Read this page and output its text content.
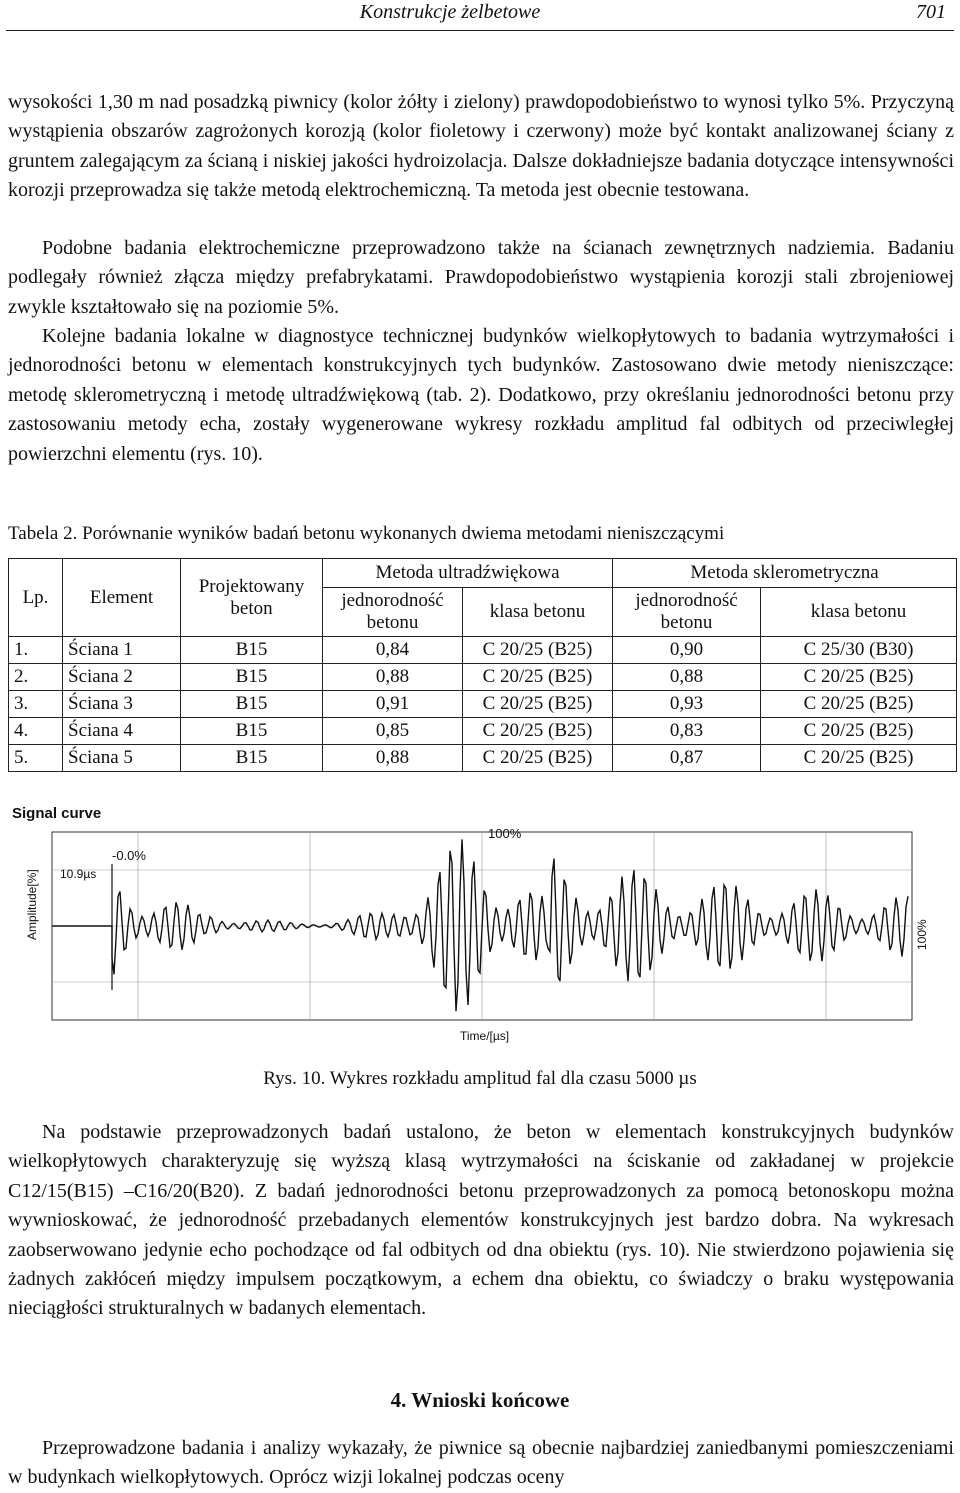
Konstrukcje żelbetowe	701
wysokości 1,30 m nad posadzką piwnicy (kolor żółty i zielony) prawdopodobieństwo to wynosi tylko 5%. Przyczyną wystąpienia obszarów zagrożonych korozją (kolor fioletowy i czerwony) może być kontakt analizowanej ściany z gruntem zalegającym za ścianą i niskiej jakości hydroizolacja. Dalsze dokładniejsze badania dotyczące intensywności korozji przeprowadza się także metodą elektrochemiczną. Ta metoda jest obecnie testowana.
Podobne badania elektrochemiczne przeprowadzono także na ścianach zewnętrznych nadziemia. Badaniu podlegały również złącza między prefabrykatami. Prawdopodobieństwo wystąpienia korozji stali zbrojeniowej zwykle kształtowało się na poziomie 5%.
Kolejne badania lokalne w diagnostyce technicznej budynków wielkopłytowych to badania wytrzymałości i jednorodności betonu w elementach konstrukcyjnych tych budynków. Zastosowano dwie metody nieniszczące: metodę sklerometryczną i metodę ultradźwiękową (tab. 2). Dodatkowo, przy określaniu jednorodności betonu przy zastosowaniu metody echa, zostały wygenerowane wykresy rozkładu amplitud fal odbitych od przeciwległej powierzchni elementu (rys. 10).
Tabela 2. Porównanie wyników badań betonu wykonanych dwiema metodami nieniszczącymi
Lp.	Element	Projektowany beton	Metoda ultradźwiękowa		Metoda sklerometryczna	
			jednorodność betonu	klasa betonu	jednorodność betonu	klasa betonu
1.	Ściana 1	B15	0,84	C 20/25 (B25)	0,90	C 25/30 (B30)
2.	Ściana 2	B15	0,88	C 20/25 (B25)	0,88	C 20/25 (B25)
3.	Ściana 3	B15	0,91	C 20/25 (B25)	0,93	C 20/25 (B25)
4.	Ściana 4	B15	0,85	C 20/25 (B25)	0,83	C 20/25 (B25)
5.	Ściana 5	B15	0,88	C 20/25 (B25)	0,87	C 20/25 (B25)
Signal curve
Amplitude[%]
Time/[µs]
-0.0%
10.9µs
100%
100%
Rys. 10. Wykres rozkładu amplitud fal dla czasu 5000 µs
Na podstawie przeprowadzonych badań ustalono, że beton w elementach konstrukcyjnych budynków wielkopłytowych charakteryzuję się wyższą klasą wytrzymałości na ściskanie od zakładanej w projekcie C12/15(B15) –C16/20(B20). Z badań jednorodności betonu przeprowadzonych za pomocą betonoskopu można wywnioskować, że jednorodność przebadanych elementów konstrukcyjnych jest bardzo dobra. Na wykresach zaobserwowano jedynie echo pochodzące od fal odbitych od dna obiektu (rys. 10). Nie stwierdzono pojawienia się żadnych zakłóceń między impulsem początkowym, a echem dna obiektu, co świadczy o braku występowania nieciągłości strukturalnych w badanych elementach.
4. Wnioski końcowe
Przeprowadzone badania i analizy wykazały, że piwnice są obecnie najbardziej zaniedbanymi pomieszczeniami w budynkach wielkopłytowych. Oprócz wizji lokalnej podczas oceny
